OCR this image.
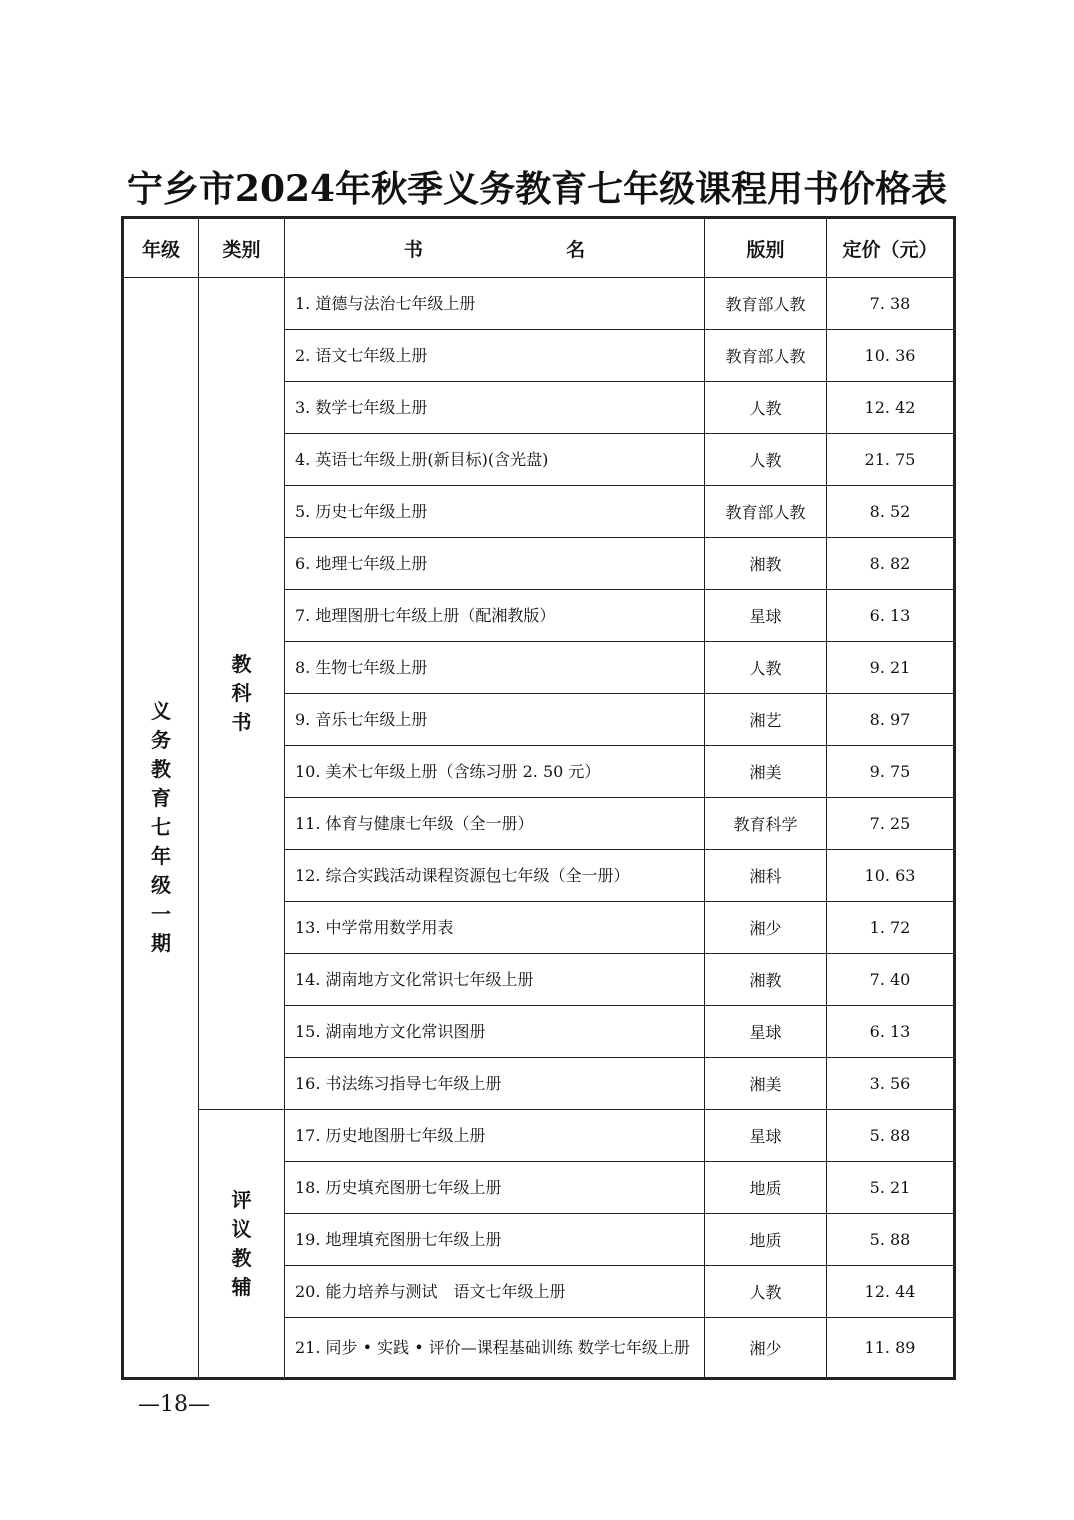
宁乡市2024年秋季义务教育七年级课程用书价格表
年级	类别	书 名	版别	定价（元）
义务教育七年级一期	教科书	1. 道德与法治七年级上册	教育部人教	7. 38
		2. 语文七年级上册	教育部人教	10. 36
		3. 数学七年级上册	人教	12. 42
		4. 英语七年级上册(新目标)(含光盘)	人教	21. 75
		5. 历史七年级上册	教育部人教	8. 52
		6. 地理七年级上册	湘教	8. 82
		7. 地理图册七年级上册（配湘教版）	星球	6. 13
		8. 生物七年级上册	人教	9. 21
		9. 音乐七年级上册	湘艺	8. 97
		10. 美术七年级上册（含练习册 2. 50 元）	湘美	9. 75
		11. 体育与健康七年级（全一册）	教育科学	7. 25
		12. 综合实践活动课程资源包七年级（全一册）	湘科	10. 63
		13. 中学常用数学用表	湘少	1. 72
		14. 湖南地方文化常识七年级上册	湘教	7. 40
		15. 湖南地方文化常识图册	星球	6. 13
		16. 书法练习指导七年级上册	湘美	3. 56
	评议教辅	17. 历史地图册七年级上册	星球	5. 88
		18. 历史填充图册七年级上册	地质	5. 21
		19. 地理填充图册七年级上册	地质	5. 88
		20. 能力培养与测试　语文七年级上册	人教	12. 44
		21. 同步 • 实践 • 评价—课程基础训练 数学七年级上册	湘少	11. 89
—18—
